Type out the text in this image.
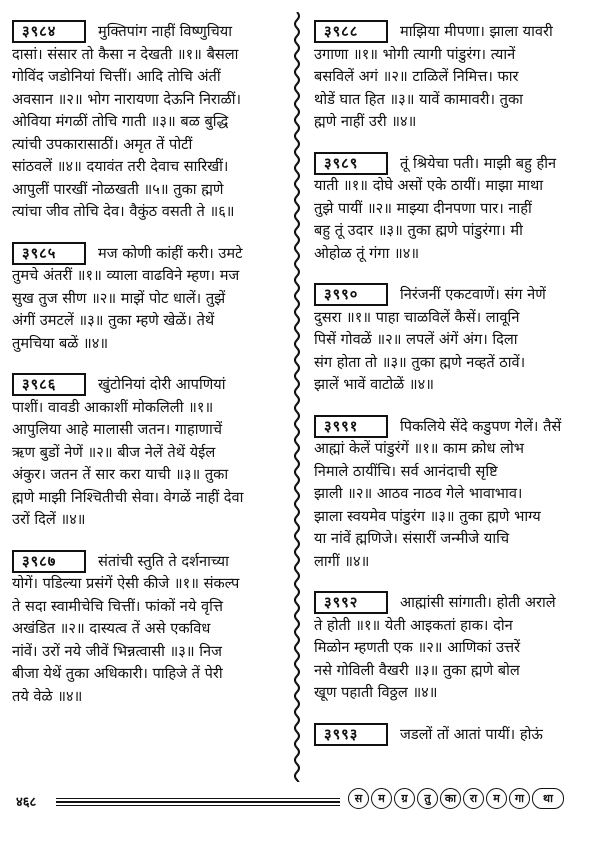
३९८४	मुक्तिपांग नाहीं विष्णुचिया
दासां। संसार तो कैसा न देखती ॥१॥ बैसला
गोविंद जडोनियां चित्तीं। आदि तोचि अंतीं
अवसान ॥२॥ भोग नारायणा देऊनि निराळीं।
ओविया मंगळीं तोचि गाती ॥३॥ बळ बुद्धि
त्यांची उपकारासाठीं। अमृत तें पोटीं
सांठवलें ॥४॥ दयावंत तरी देवाच सारिखीं।
आपुलीं पारखीं नोळखती ॥५॥ तुका ह्मणे
त्यांचा जीव तोचि देव। वैकुंठ वसती ते ॥६॥
३९८५	मज कोणी कांहीं करी। उमटे
तुमचे अंतरीं ॥१॥ व्याला वाढविने म्हण। मज
सुख तुज सीण ॥२॥ माझें पोट धालें। तुझें
अंगीं उमटलें ॥३॥ तुका म्हणे खेळें। तेथें
तुमचिया बळें ॥४॥
३९८६	खुंटोनियां दोरी आपणियां
पाशीं। वावडी आकाशीं मोकलिली ॥१॥
आपुलिया आहे मालासी जतन। गाहाणाचें
ऋण बुडों नेणें ॥२॥ बीज नेलें तेथें येईल
अंकुर। जतन तें सार करा याची ॥३॥ तुका
ह्मणे माझी निश्चितीची सेवा। वेगळें नाहीं देवा
उरों दिलें ॥४॥
३९८७	संतांची स्तुति ते दर्शनाच्या
योगें। पडिल्या प्रसंगें ऐसी कीजे ॥१॥ संकल्प
ते सदा स्वामीचेचि चित्तीं। फांकों नये वृत्ति
अखंडित ॥२॥ दास्यत्व तें असे एकविध
नांवें। उरों नये जीवें भिन्नत्वासी ॥३॥ निज
बीजा येथें तुका अधिकारी। पाहिजे तें पेरी
तये वेळे ॥४॥
३९८८	माझिया मीपणा। झाला यावरी
उगाणा ॥१॥ भोगी त्यागी पांडुरंग। त्यानें
बसविलें अगं ॥२॥ टाळिलें निमित्त। फार
थोडें घात हित ॥३॥ यावें कामावरी। तुका
ह्मणे नाहीं उरी ॥४॥
३९८९	तूं श्रियेचा पती। माझी बहु हीन
याती ॥१॥ दोघे असों एके ठायीं। माझा माथा
तुझे पायीं ॥२॥ माझ्या दीनपणा पार। नाहीं
बहु तूं उदार ॥३॥ तुका ह्मणे पांडुरंगा। मी
ओहोळ तूं गंगा ॥४॥
३९९०	निरंजनीं एकटवाणें। संग नेणें
दुसरा ॥१॥ पाहा चाळविलें कैसें। लावूनि
पिसें गोवळें ॥२॥ लपलें अंगें अंग। दिला
संग होता तो ॥३॥ तुका ह्मणे नव्हतें ठावें।
झालें भावें वाटोळें ॥४॥
३९९१	पिकलिये सेंदे कडुपण गेलें। तैसें
आह्मां केलें पांडुरंगें ॥१॥ काम क्रोध लोभ
निमाले ठायींचि। सर्व आनंदाची सृष्टि
झाली ॥२॥ आठव नाठव गेले भावाभाव।
झाला स्वयमेव पांडुरंग ॥३॥ तुका ह्मणे भाग्य
या नांवें ह्मणिजे। संसारीं जन्मीजे याचि
लागीं ॥४॥
३९९२	आह्मांसी सांगाती। होती अराले
ते होती ॥१॥ येती आइकतां हाक। दोन
मिळोन म्हणती एक ॥२॥ आणिकां उत्तरें
नसे गोविली वैखरी ॥३॥ तुका ह्मणे बोल
खूण पहाती विठ्ठल ॥४॥
३९९३	जडलों तों आतां पायीं। होऊं
४६८	स	म	ग्र	तु	का	रा	म	गा	था
